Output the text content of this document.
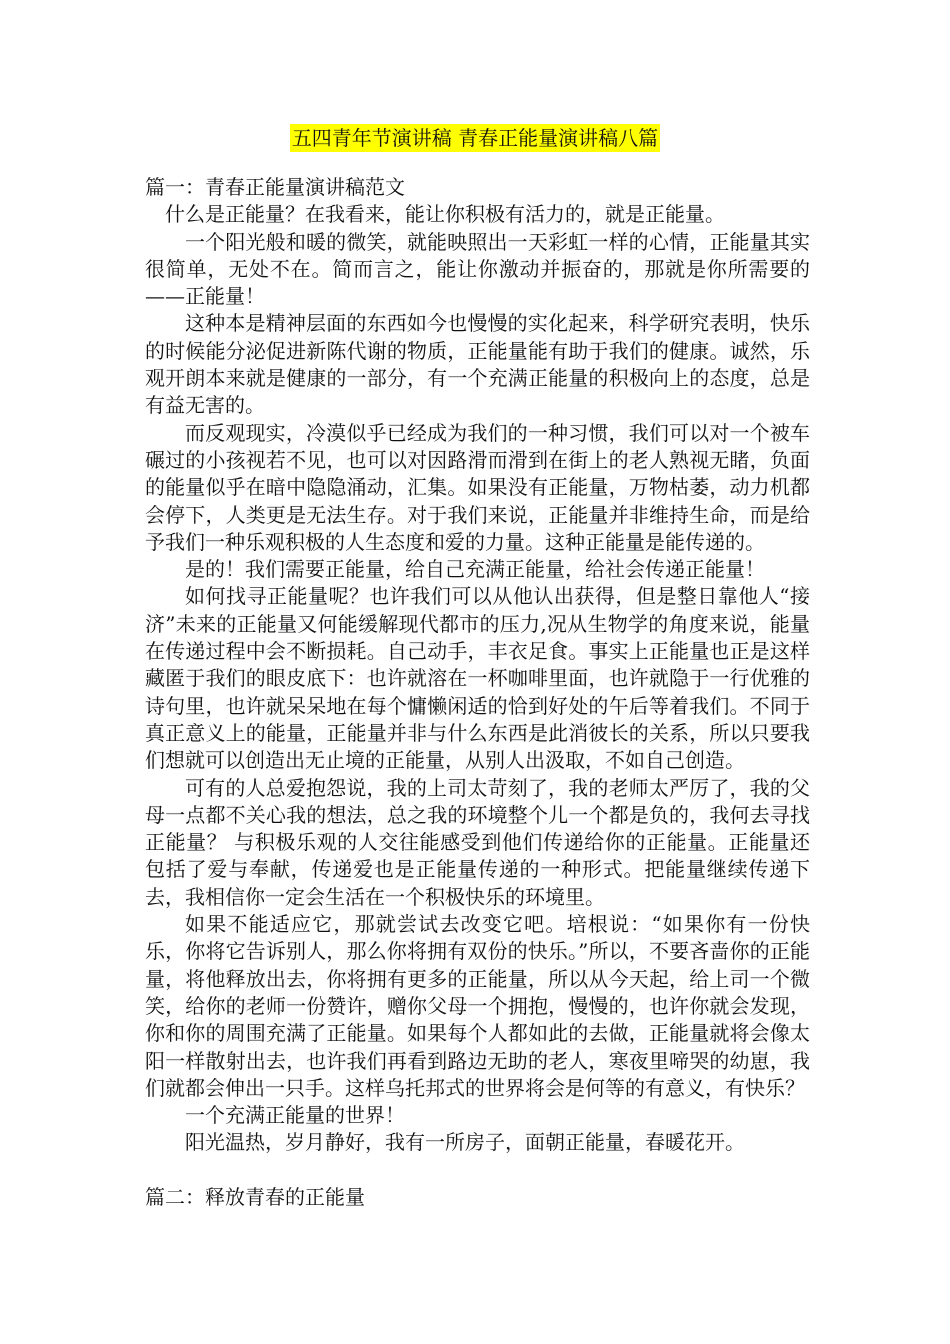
五四青年节演讲稿 青春正能量演讲稿八篇

篇一：青春正能量演讲稿范文

什么是正能量？在我看来，能让你积极有活力的，就是正能量。

一个阳光般和暖的微笑，就能映照出一天彩虹一样的心情，正能量其实很简单，无处不在。简而言之，能让你激动并振奋的，那就是你所需要的——正能量！

这种本是精神层面的东西如今也慢慢的实化起来，科学研究表明，快乐的时候能分泌促进新陈代谢的物质，正能量能有助于我们的健康。诚然，乐观开朗本来就是健康的一部分，有一个充满正能量的积极向上的态度，总是有益无害的。

而反观现实，冷漠似乎已经成为我们的一种习惯，我们可以对一个被车碾过的小孩视若不见，也可以对因路滑而滑到在街上的老人熟视无睹，负面的能量似乎在暗中隐隐涌动，汇集。如果没有正能量，万物枯萎，动力机都会停下，人类更是无法生存。对于我们来说，正能量并非维持生命，而是给予我们一种乐观积极的人生态度和爱的力量。这种正能量是能传递的。

是的！我们需要正能量，给自己充满正能量，给社会传递正能量！

如何找寻正能量呢？也许我们可以从他认出获得，但是整日靠他人“接济”未来的正能量又何能缓解现代都市的压力,况从生物学的角度来说，能量在传递过程中会不断损耗。自己动手，丰衣足食。事实上正能量也正是这样藏匿于我们的眼皮底下：也许就溶在一杯咖啡里面，也许就隐于一行优雅的诗句里，也许就呆呆地在每个慵懒闲适的恰到好处的午后等着我们。不同于真正意义上的能量，正能量并非与什么东西是此消彼长的关系，所以只要我们想就可以创造出无止境的正能量，从别人出汲取，不如自己创造。

可有的人总爱抱怨说，我的上司太苛刻了，我的老师太严厉了，我的父母一点都不关心我的想法，总之我的环境整个儿一个都是负的，我何去寻找正能量？ 与积极乐观的人交往能感受到他们传递给你的正能量。正能量还包括了爱与奉献，传递爱也是正能量传递的一种形式。把能量继续传递下去，我相信你一定会生活在一个积极快乐的环境里。

如果不能适应它，那就尝试去改变它吧。培根说：“如果你有一份快乐，你将它告诉别人，那么你将拥有双份的快乐。”所以，不要吝啬你的正能量，将他释放出去，你将拥有更多的正能量，所以从今天起，给上司一个微笑，给你的老师一份赞许，赠你父母一个拥抱，慢慢的，也许你就会发现，你和你的周围充满了正能量。如果每个人都如此的去做，正能量就将会像太阳一样散射出去，也许我们再看到路边无助的老人，寒夜里啼哭的幼崽，我们就都会伸出一只手。这样乌托邦式的世界将会是何等的有意义，有快乐？

一个充满正能量的世界！

阳光温热，岁月静好，我有一所房子，面朝正能量，春暖花开。

篇二：释放青春的正能量
